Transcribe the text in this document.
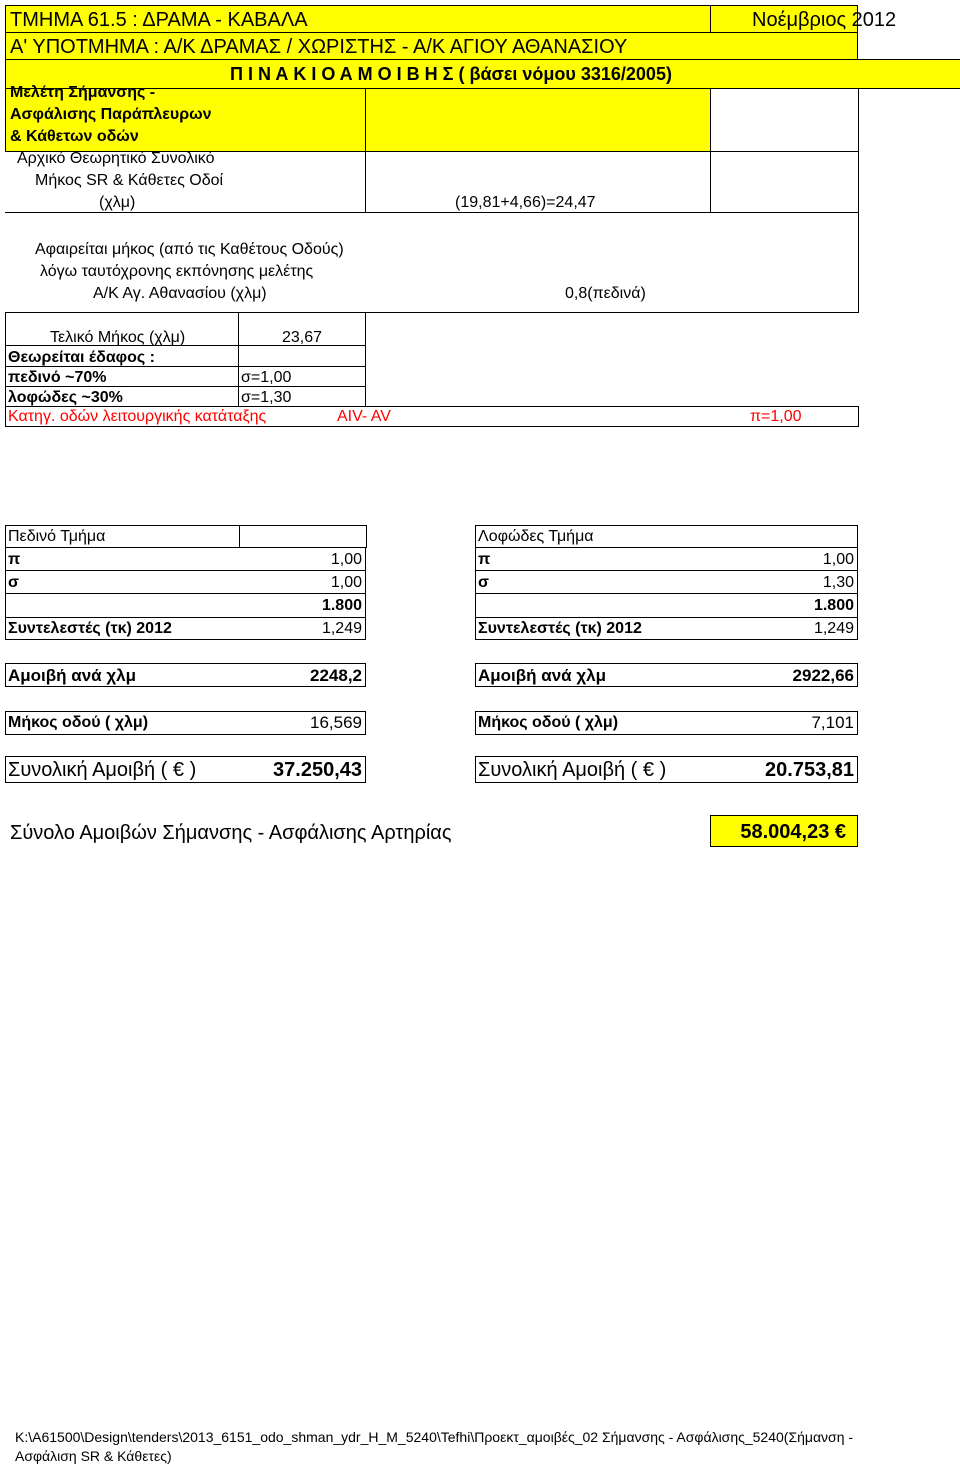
ΤΜΗΜΑ 61.5 : ΔΡΑΜΑ - ΚΑΒΑΛΑ	Νοέμβριος 2012
Α' ΥΠΟΤΜΗΜΑ : Α/Κ ΔΡΑΜΑΣ / ΧΩΡΙΣΤΗΣ - Α/Κ ΑΓΙΟΥ ΑΘΑΝΑΣΙΟΥ
Π Ι Ν Α Κ Ι Ο Α Μ Ο Ι Β Η Σ ( βάσει νόμου 3316/2005)
Μελέτη Σήμανσης -
Ασφάλισης Παράπλευρων
& Κάθετων οδών
Αρχικό Θεωρητικό Συνολικό
Μήκος SR & Κάθετες Οδοί
(χλμ)	(19,81+4,66)=24,47
Αφαιρείται μήκος (από τις Καθέτους Οδούς)
λόγω ταυτόχρονης εκπόνησης μελέτης
Α/Κ Αγ. Αθανασίου (χλμ)	0,8(πεδινά)
Τελικό Μήκος (χλμ)	23,67
Θεωρείται έδαφος :
πεδινό ~70%	σ=1,00
λοφώδες ~30%	σ=1,30
Κατηγ. οδών λειτουργικής κατάταξης	ΑΙV- AV	π=1,00
Πεδινό Τμήμα
π	1,00
σ	1,00
1.800
Συντελεστές (τκ) 2012	1,249
Αμοιβή ανά χλμ	2248,2
Μήκος οδού ( χλμ)	16,569
Συνολική Αμοιβή ( € )	37.250,43
Λοφώδες Τμήμα
π	1,00
σ	1,30
1.800
Συντελεστές (τκ) 2012	1,249
Αμοιβή ανά χλμ	2922,66
Μήκος οδού ( χλμ)	7,101
Συνολική Αμοιβή ( € )	20.753,81
Σύνολο Αμοιβών Σήμανσης - Ασφάλισης Αρτηρίας	58.004,23 €
K:\A61500\Design\tenders\2013_6151_odo_shman_ydr_H_M_5240\Tefhi\Προεκτ_αμοιβές_02 Σήμανσης - Ασφάλισης_5240(Σήμανση -
Ασφάλιση SR & Κάθετες)
